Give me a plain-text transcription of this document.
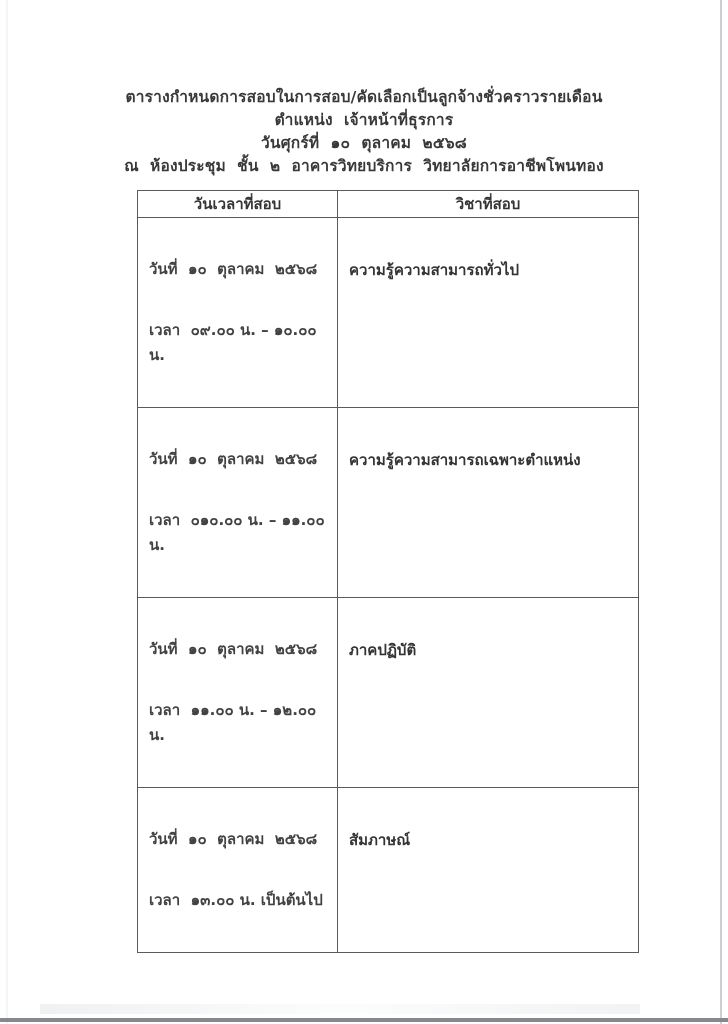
ตารางกำหนดการสอบในการสอบ/คัดเลือกเป็นลูกจ้างชั่วคราวรายเดือน
ตำแหน่ง  เจ้าหน้าที่ธุรการ
วันศุกร์ที่  ๑๐  ตุลาคม  ๒๕๖๘
ณ  ห้องประชุม  ชั้น  ๒  อาคารวิทยบริการ  วิทยาลัยการอาชีพโพนทอง
วันเวลาที่สอบ	วิชาที่สอบ

วันที่  ๑๐  ตุลาคม  ๒๕๖๘

เวลา  ๐๙.๐๐ น. – ๑๐.๐๐ น.	ความรู้ความสามารถทั่วไป

วันที่  ๑๐  ตุลาคม  ๒๕๖๘

เวลา  ๐๑๐.๐๐ น. – ๑๑.๐๐ น.	ความรู้ความสามารถเฉพาะตำแหน่ง

วันที่  ๑๐  ตุลาคม  ๒๕๖๘

เวลา  ๑๑.๐๐ น. – ๑๒.๐๐ น.	ภาคปฏิบัติ

วันที่  ๑๐  ตุลาคม  ๒๕๖๘

เวลา  ๑๓.๐๐ น. เป็นต้นไป	สัมภาษณ์
